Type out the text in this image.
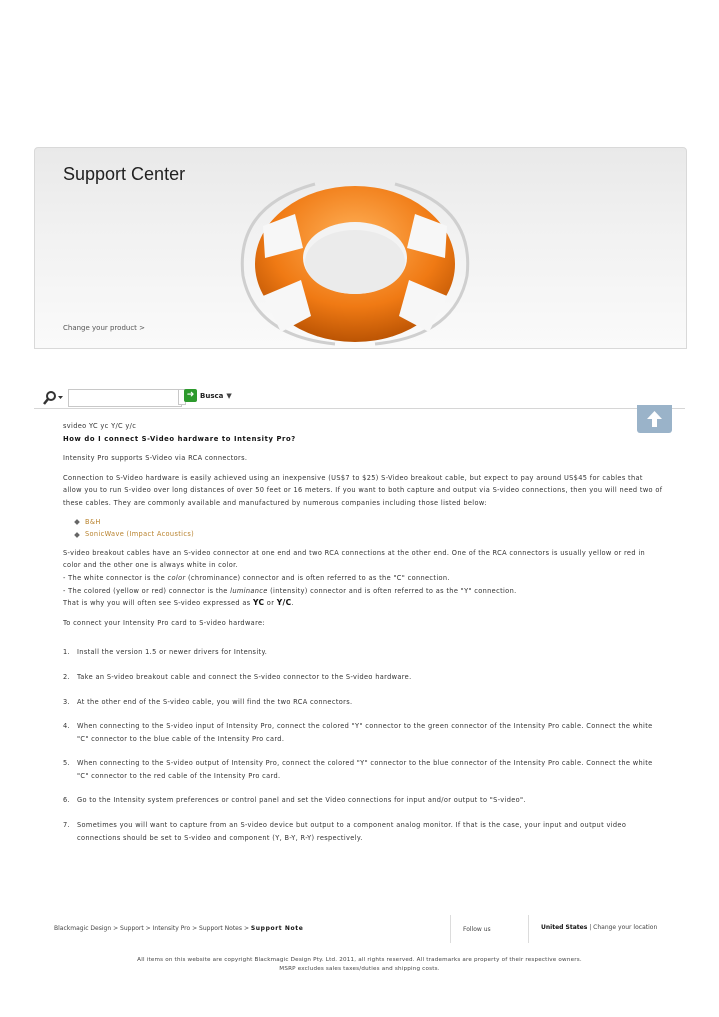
Support Center
Change your product >
➜ Busca ▼

svideo YC yc Y/C y/c

How do I connect S-Video hardware to Intensity Pro?

Intensity Pro supports S-Video via RCA connectors.

Connection to S-Video hardware is easily achieved using an inexpensive (US$7 to $25) S-Video breakout cable, but expect to pay around US$45 for cables that allow you to run S-video over long distances of over 50 feet or 16 meters. If you want to both capture and output via S-video connections, then you will need two of these cables. They are commonly available and manufactured by numerous companies including those listed below:

B&H
SonicWave (Impact Acoustics)

S-video breakout cables have an S-video connector at one end and two RCA connections at the other end. One of the RCA connectors is usually yellow or red in color and the other one is always white in color.

- The white connector is the color (chrominance) connector and is often referred to as the "C" connection.

- The colored (yellow or red) connector is the luminance (intensity) connector and is often referred to as the "Y" connection.

That is why you will often see S-video expressed as YC or Y/C.

To connect your Intensity Pro card to S-video hardware:

1. Install the version 1.5 or newer drivers for Intensity.
2. Take an S-video breakout cable and connect the S-video connector to the S-video hardware.
3. At the other end of the S-video cable, you will find the two RCA connectors.
4. When connecting to the S-video input of Intensity Pro, connect the colored "Y" connector to the green connector of the Intensity Pro cable. Connect the white "C" connector to the blue cable of the Intensity Pro card.
5. When connecting to the S-video output of Intensity Pro, connect the colored "Y" connector to the blue connector of the Intensity Pro cable. Connect the white "C" connector to the red cable of the Intensity Pro card.
6. Go to the Intensity system preferences or control panel and set the Video connections for input and/or output to "S-video".
7. Sometimes you will want to capture from an S-video device but output to a component analog monitor. If that is the case, your input and output video connections should be set to S-video and component (Y, B-Y, R-Y) respectively.
Blackmagic Design > Support > Intensity Pro > Support Notes > Support Note	Follow us	United States | Change your location
All items on this website are copyright Blackmagic Design Pty. Ltd. 2011, all rights reserved. All trademarks are property of their respective owners.
MSRP excludes sales taxes/duties and shipping costs.
